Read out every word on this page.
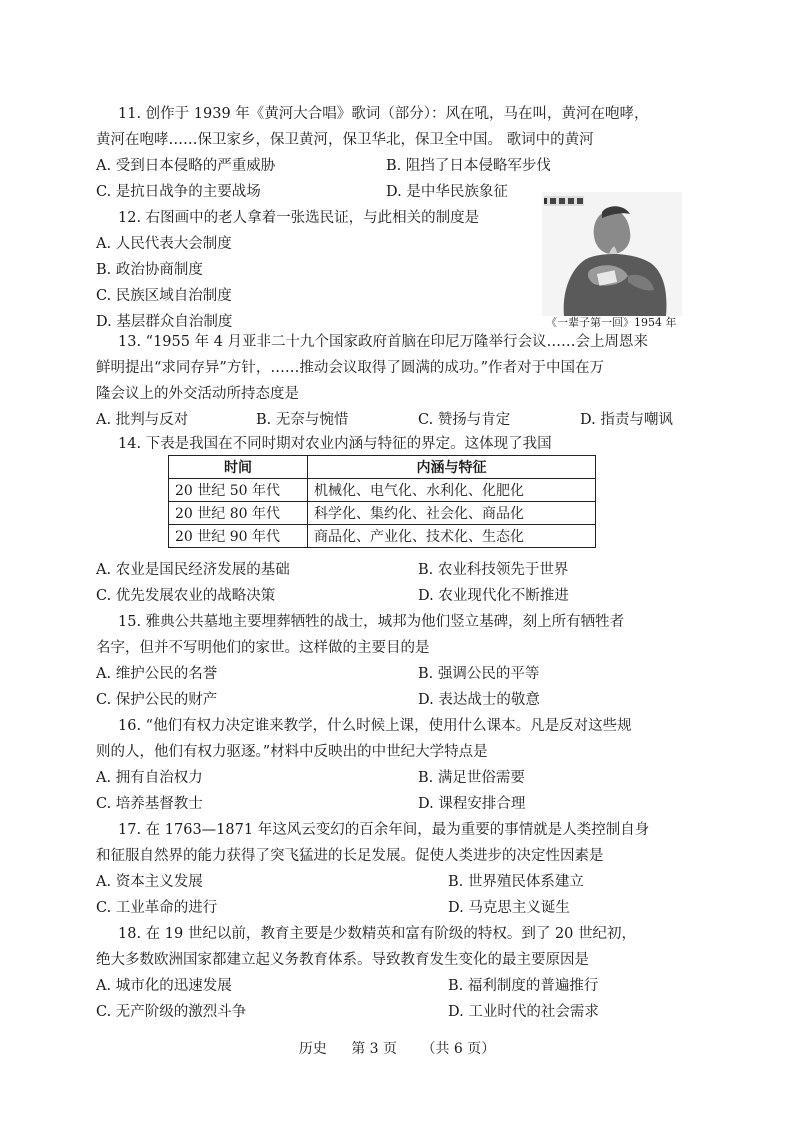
11. 创作于 1939 年《黄河大合唱》歌词（部分）：风在吼，马在叫，黄河在咆哮，
黄河在咆哮……保卫家乡，保卫黄河，保卫华北，保卫全中国。 歌词中的黄河
A. 受到日本侵略的严重威胁	B. 阻挡了日本侵略军步伐
C. 是抗日战争的主要战场	D. 是中华民族象征
12. 右图画中的老人拿着一张选民证，与此相关的制度是
A. 人民代表大会制度
B. 政治协商制度
C. 民族区域自治制度
D. 基层群众自治制度	《一辈子第一回》1954 年
13. “1955 年 4 月亚非二十九个国家政府首脑在印尼万隆举行会议……会上周恩来
鲜明提出“求同存异”方针，……推动会议取得了圆满的成功。”作者对于中国在万
隆会议上的外交活动所持态度是
A. 批判与反对	B. 无奈与惋惜	C. 赞扬与肯定	D. 指责与嘲讽
14. 下表是我国在不同时期对农业内涵与特征的界定。这体现了我国
时间	内涵与特征
20 世纪 50 年代	机械化、电气化、水利化、化肥化
20 世纪 80 年代	科学化、集约化、社会化、商品化
20 世纪 90 年代	商品化、产业化、技术化、生态化
A. 农业是国民经济发展的基础	B. 农业科技领先于世界
C. 优先发展农业的战略决策	D. 农业现代化不断推进
15. 雅典公共墓地主要埋葬牺牲的战士，城邦为他们竖立基碑，刻上所有牺牲者
名字，但并不写明他们的家世。这样做的主要目的是
A. 维护公民的名誉	B. 强调公民的平等
C. 保护公民的财产	D. 表达战士的敬意
16. “他们有权力决定谁来教学，什么时候上课，使用什么课本。凡是反对这些规
则的人，他们有权力驱逐。”材料中反映出的中世纪大学特点是
A. 拥有自治权力	B. 满足世俗需要
C. 培养基督教士	D. 课程安排合理
17. 在 1763—1871 年这风云变幻的百余年间，最为重要的事情就是人类控制自身
和征服自然界的能力获得了突飞猛进的长足发展。促使人类进步的决定性因素是
A. 资本主义发展	B. 世界殖民体系建立
C. 工业革命的进行	D. 马克思主义诞生
18. 在 19 世纪以前，教育主要是少数精英和富有阶级的特权。到了 20 世纪初，
绝大多数欧洲国家都建立起义务教育体系。导致教育发生变化的最主要原因是
A. 城市化的迅速发展	B. 福利制度的普遍推行
C. 无产阶级的激烈斗争	D. 工业时代的社会需求
历史 第 3 页 （共 6 页）
